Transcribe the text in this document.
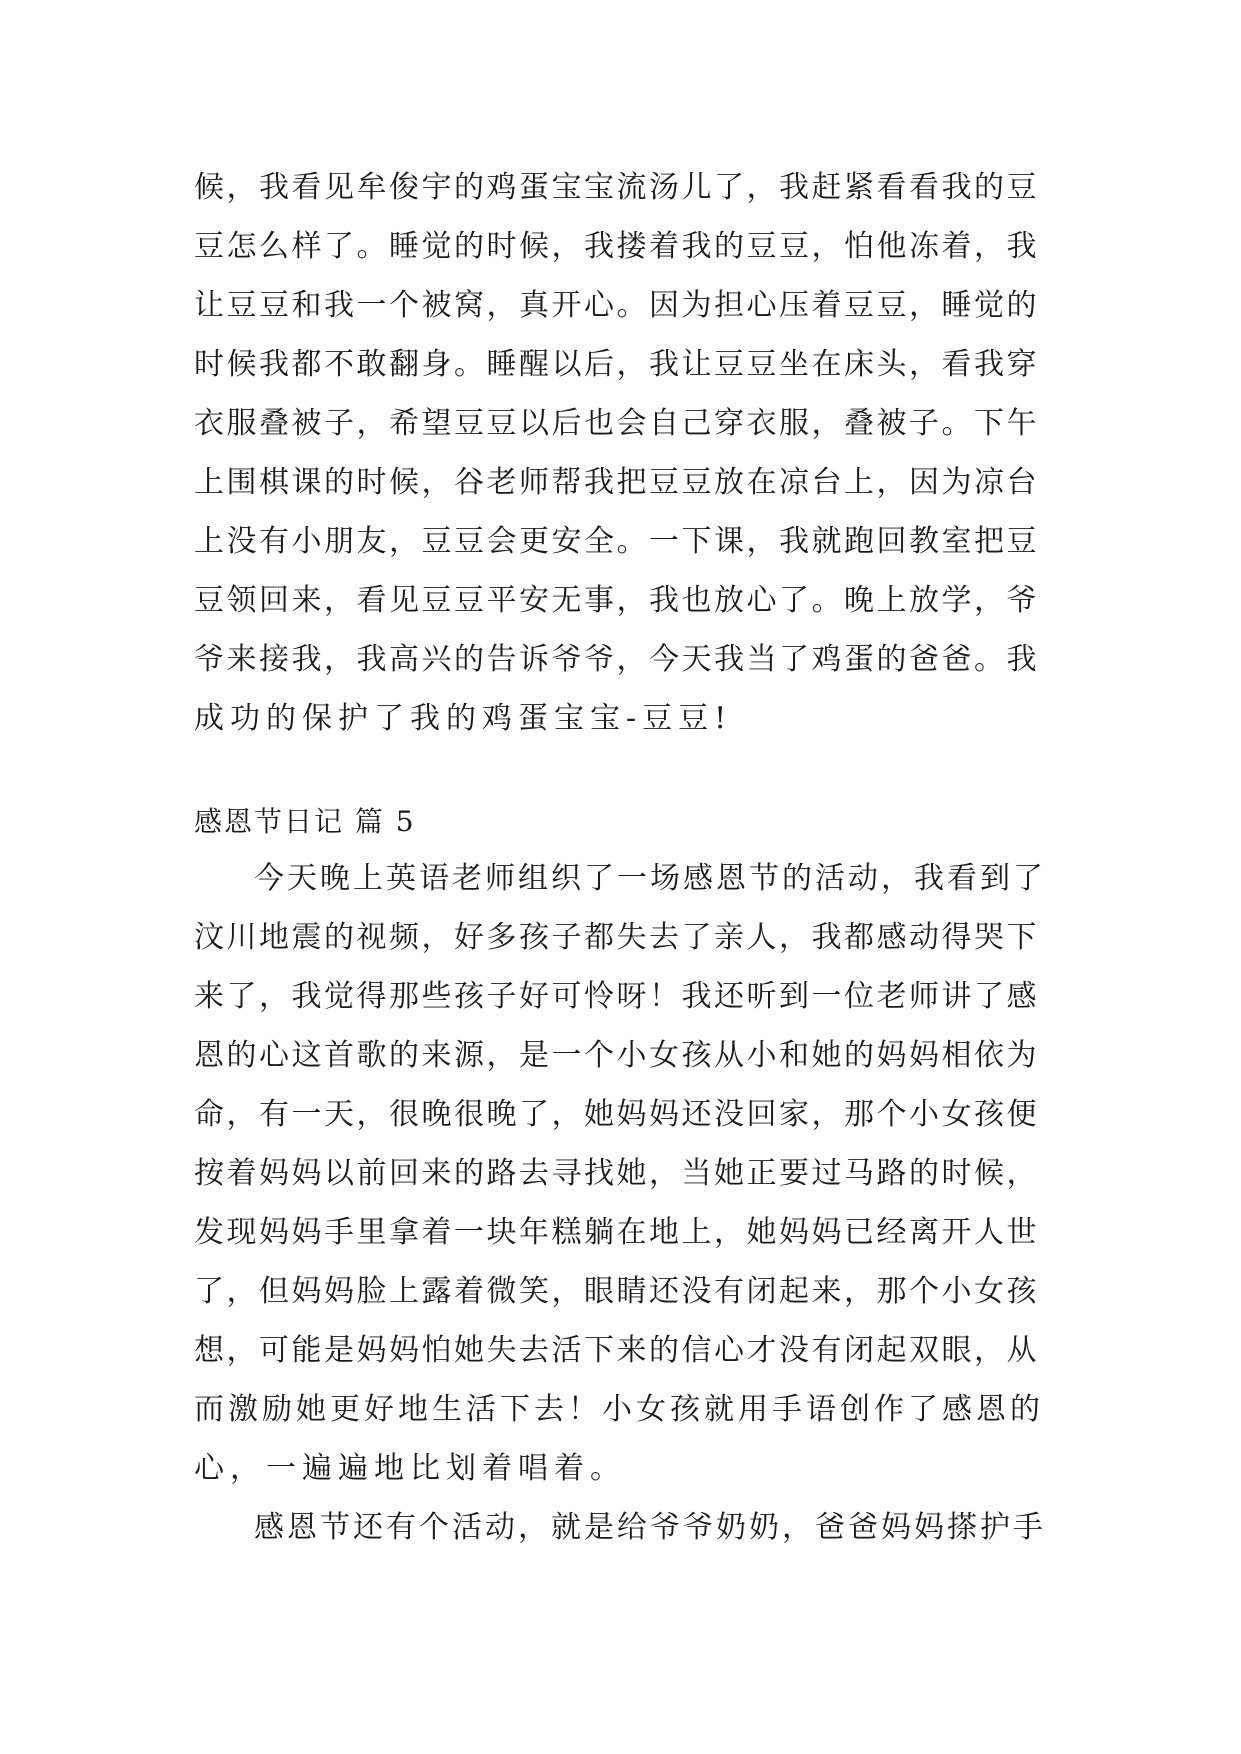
候，我看见牟俊宇的鸡蛋宝宝流汤儿了，我赶紧看看我的豆
豆怎么样了。睡觉的时候，我搂着我的豆豆，怕他冻着，我
让豆豆和我一个被窝，真开心。因为担心压着豆豆，睡觉的
时候我都不敢翻身。睡醒以后，我让豆豆坐在床头，看我穿
衣服叠被子，希望豆豆以后也会自己穿衣服，叠被子。下午
上围棋课的时候，谷老师帮我把豆豆放在凉台上，因为凉台
上没有小朋友，豆豆会更安全。一下课，我就跑回教室把豆
豆领回来，看见豆豆平安无事，我也放心了。晚上放学，爷
爷来接我，我高兴的告诉爷爷，今天我当了鸡蛋的爸爸。我
成功的保护了我的鸡蛋宝宝-豆豆!
感恩节日记 篇 5
今天晚上英语老师组织了一场感恩节的活动，我看到了
汶川地震的视频，好多孩子都失去了亲人，我都感动得哭下
来了，我觉得那些孩子好可怜呀！我还听到一位老师讲了感
恩的心这首歌的来源，是一个小女孩从小和她的妈妈相依为
命，有一天，很晚很晚了，她妈妈还没回家，那个小女孩便
按着妈妈以前回来的路去寻找她，当她正要过马路的时候，
发现妈妈手里拿着一块年糕躺在地上，她妈妈已经离开人世
了，但妈妈脸上露着微笑，眼睛还没有闭起来，那个小女孩
想，可能是妈妈怕她失去活下来的信心才没有闭起双眼，从
而激励她更好地生活下去！小女孩就用手语创作了感恩的
心，一遍遍地比划着唱着。
感恩节还有个活动，就是给爷爷奶奶，爸爸妈妈搽护手
